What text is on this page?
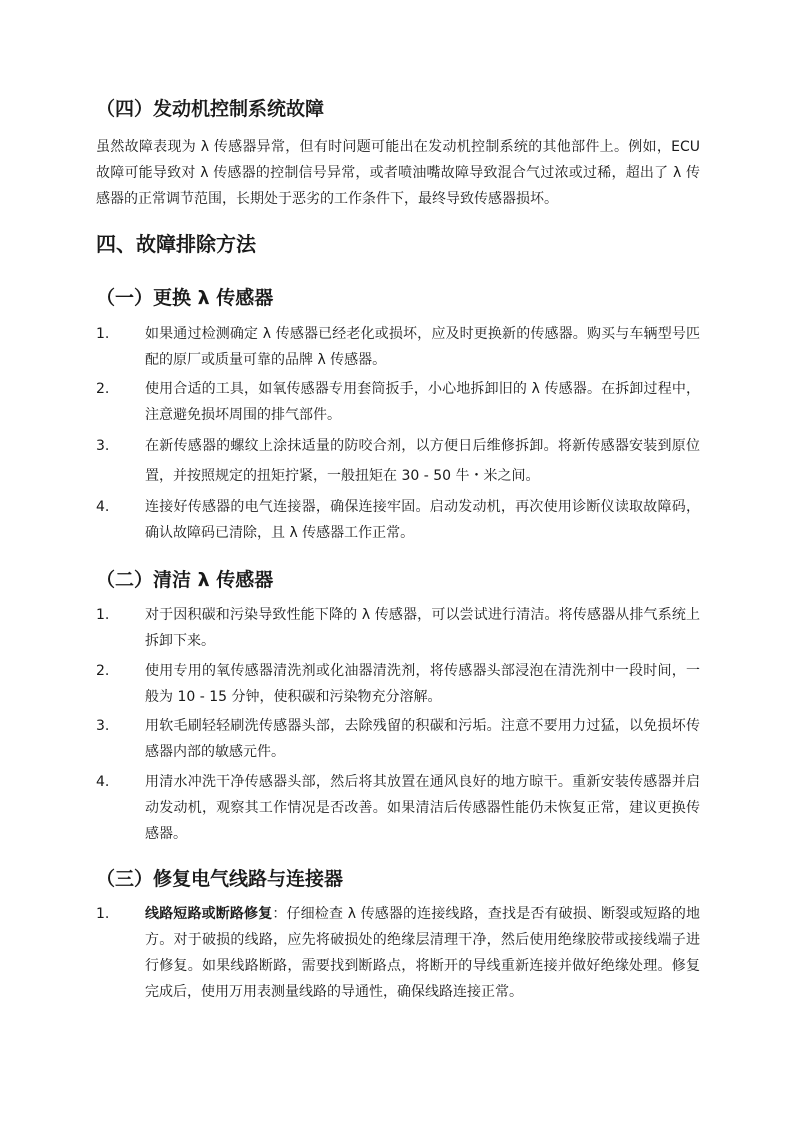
（四）发动机控制系统故障

虽然故障表现为 λ 传感器异常，但有时问题可能出在发动机控制系统的其他部件上。例如，ECU 故障可能导致对 λ 传感器的控制信号异常，或者喷油嘴故障导致混合气过浓或过稀，超出了 λ 传感器的正常调节范围，长期处于恶劣的工作条件下，最终导致传感器损坏。

四、故障排除方法
（一）更换 λ 传感器
1.	如果通过检测确定 λ 传感器已经老化或损坏，应及时更换新的传感器。购买与车辆型号匹配的原厂或质量可靠的品牌 λ 传感器。
2.	使用合适的工具，如氧传感器专用套筒扳手，小心地拆卸旧的 λ 传感器。在拆卸过程中，注意避免损坏周围的排气部件。
3.	在新传感器的螺纹上涂抹适量的防咬合剂，以方便日后维修拆卸。将新传感器安装到原位置，并按照规定的扭矩拧紧，一般扭矩在 30 - 50 牛・米之间。
4.	连接好传感器的电气连接器，确保连接牢固。启动发动机，再次使用诊断仪读取故障码，确认故障码已清除，且 λ 传感器工作正常。
（二）清洁 λ 传感器
1.	对于因积碳和污染导致性能下降的 λ 传感器，可以尝试进行清洁。将传感器从排气系统上拆卸下来。
2.	使用专用的氧传感器清洗剂或化油器清洗剂，将传感器头部浸泡在清洗剂中一段时间，一般为 10 - 15 分钟，使积碳和污染物充分溶解。
3.	用软毛刷轻轻刷洗传感器头部，去除残留的积碳和污垢。注意不要用力过猛，以免损坏传感器内部的敏感元件。
4.	用清水冲洗干净传感器头部，然后将其放置在通风良好的地方晾干。重新安装传感器并启动发动机，观察其工作情况是否改善。如果清洁后传感器性能仍未恢复正常，建议更换传感器。
（三）修复电气线路与连接器
1.	线路短路或断路修复：仔细检查 λ 传感器的连接线路，查找是否有破损、断裂或短路的地方。对于破损的线路，应先将破损处的绝缘层清理干净，然后使用绝缘胶带或接线端子进行修复。如果线路断路，需要找到断路点，将断开的导线重新连接并做好绝缘处理。修复完成后，使用万用表测量线路的导通性，确保线路连接正常。
